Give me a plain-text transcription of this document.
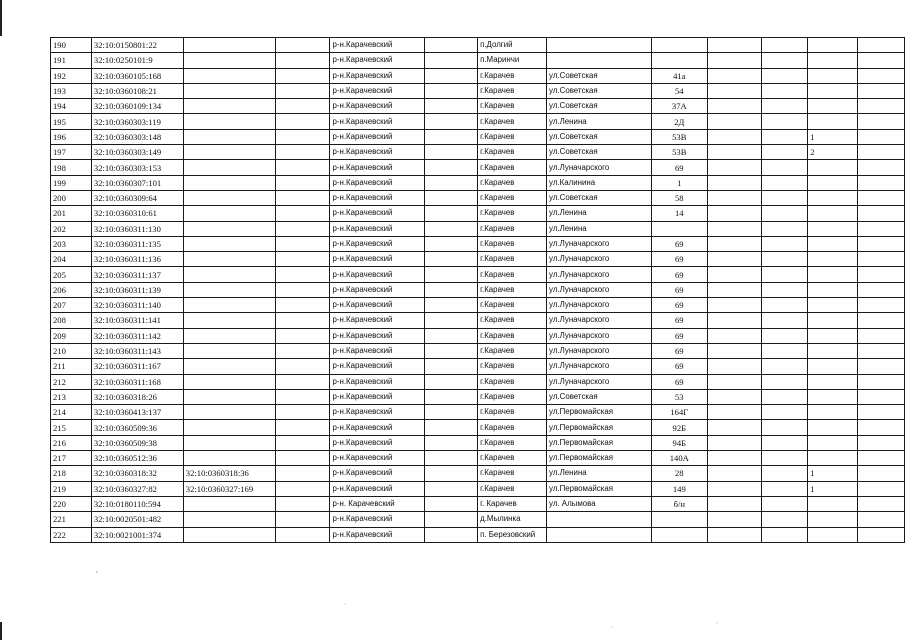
190	32:10:0150801:22			р-н.Карачевский		п.Долгий						
191	32:10:0250101:9			р-н.Карачевский		п.Маринчи						
192	32:10:0360105:168			р-н.Карачевский		г.Карачев	ул.Советская	41а				
193	32:10:0360108:21			р-н.Карачевский		г.Карачев	ул.Советская	54				
194	32:10:0360109:134			р-н.Карачевский		г.Карачев	ул.Советская	37А				
195	32:10:0360303:119			р-н.Карачевский		г.Карачев	ул.Ленина	2Д				
196	32:10:0360303:148			р-н.Карачевский		г.Карачев	ул.Советская	53В			1	
197	32:10:0360303:149			р-н.Карачевский		г.Карачев	ул.Советская	53В			2	
198	32:10:0360303:153			р-н.Карачевский		г.Карачев	ул.Луначарского	69				
199	32:10:0360307:101			р-н.Карачевский		г.Карачев	ул.Калинина	1				
200	32:10:0360309:64			р-н.Карачевский		г.Карачев	ул.Советская	58				
201	32:10:0360310:61			р-н.Карачевский		г.Карачев	ул.Ленина	14				
202	32:10:0360311:130			р-н.Карачевский		г.Карачев	ул.Ленина					
203	32:10:0360311:135			р-н.Карачевский		г.Карачев	ул.Луначарского	69				
204	32:10:0360311:136			р-н.Карачевский		г.Карачев	ул.Луначарского	69				
205	32:10:0360311:137			р-н.Карачевский		г.Карачев	ул.Луначарского	69				
206	32:10:0360311:139			р-н.Карачевский		г.Карачев	ул.Луначарского	69				
207	32:10:0360311:140			р-н.Карачевский		г.Карачев	ул.Луначарского	69				
208	32:10:0360311:141			р-н.Карачевский		г.Карачев	ул.Луначарского	69				
209	32:10:0360311:142			р-н.Карачевский		г.Карачев	ул.Луначарского	69				
210	32:10:0360311:143			р-н.Карачевский		г.Карачев	ул.Луначарского	69				
211	32:10:0360311:167			р-н.Карачевский		г.Карачев	ул.Луначарского	69				
212	32:10:0360311:168			р-н.Карачевский		г.Карачев	ул.Луначарского	69				
213	32:10:0360318:26			р-н.Карачевский		г.Карачев	ул.Советская	53				
214	32:10:0360413:137			р-н.Карачевский		г.Карачев	ул.Первомайская	164Г				
215	32:10:0360509:36			р-н.Карачевский		г.Карачев	ул.Первомайская	92Б				
216	32:10:0360509:38			р-н.Карачевский		г.Карачев	ул.Первомайская	94Б				
217	32:10:0360512:36			р-н.Карачевский		г.Карачев	ул.Первомайская	140А				
218	32:10:0360318:32	32:10:0360318:36		р-н.Карачевский		г.Карачев	ул.Ленина	28			1	
219	32:10:0360327:82	32:10:0360327:169		р-н.Карачевский		г.Карачев	ул.Первомайская	149			1	
220	32:10:0180110:594			р-н. Карачевский		г. Карачев	ул. Алымова	б/н				
221	32:10:0020501:482			р-н.Карачевский		д.Мылинка						
222	32:10:0021001:374			р-н.Карачевский		п. Березовский						
